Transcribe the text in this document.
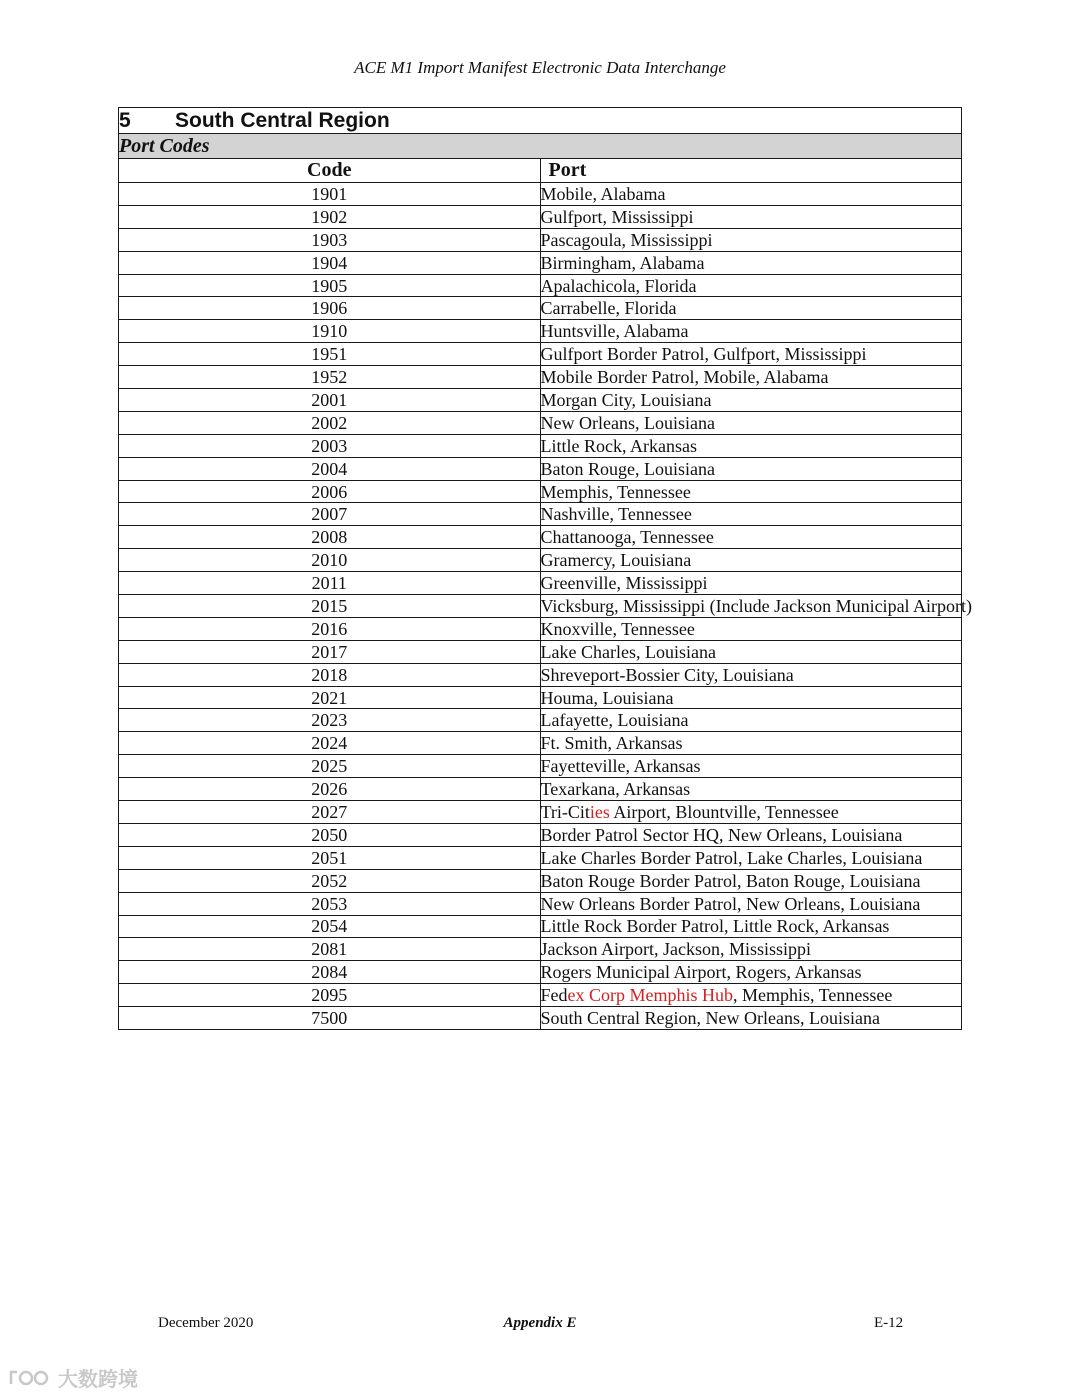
ACE M1 Import Manifest Electronic Data Interchange
5 South Central Region	
Port Codes	
Code	Port
1901	Mobile, Alabama
1902	Gulfport, Mississippi
1903	Pascagoula, Mississippi
1904	Birmingham, Alabama
1905	Apalachicola, Florida
1906	Carrabelle, Florida
1910	Huntsville, Alabama
1951	Gulfport Border Patrol, Gulfport, Mississippi
1952	Mobile Border Patrol, Mobile, Alabama
2001	Morgan City, Louisiana
2002	New Orleans, Louisiana
2003	Little Rock, Arkansas
2004	Baton Rouge, Louisiana
2006	Memphis, Tennessee
2007	Nashville, Tennessee
2008	Chattanooga, Tennessee
2010	Gramercy, Louisiana
2011	Greenville, Mississippi
2015	Vicksburg, Mississippi (Include Jackson Municipal Airport)
2016	Knoxville, Tennessee
2017	Lake Charles, Louisiana
2018	Shreveport-Bossier City, Louisiana
2021	Houma, Louisiana
2023	Lafayette, Louisiana
2024	Ft. Smith, Arkansas
2025	Fayetteville, Arkansas
2026	Texarkana, Arkansas
2027	Tri-Cities Airport, Blountville, Tennessee
2050	Border Patrol Sector HQ, New Orleans, Louisiana
2051	Lake Charles Border Patrol, Lake Charles, Louisiana
2052	Baton Rouge Border Patrol, Baton Rouge, Louisiana
2053	New Orleans Border Patrol, New Orleans, Louisiana
2054	Little Rock Border Patrol, Little Rock, Arkansas
2081	Jackson Airport, Jackson, Mississippi
2084	Rogers Municipal Airport, Rogers, Arkansas
2095	Fedex Corp Memphis Hub, Memphis, Tennessee
7500	South Central Region, New Orleans, Louisiana
December 2020	Appendix E	E-12
大数跨境
